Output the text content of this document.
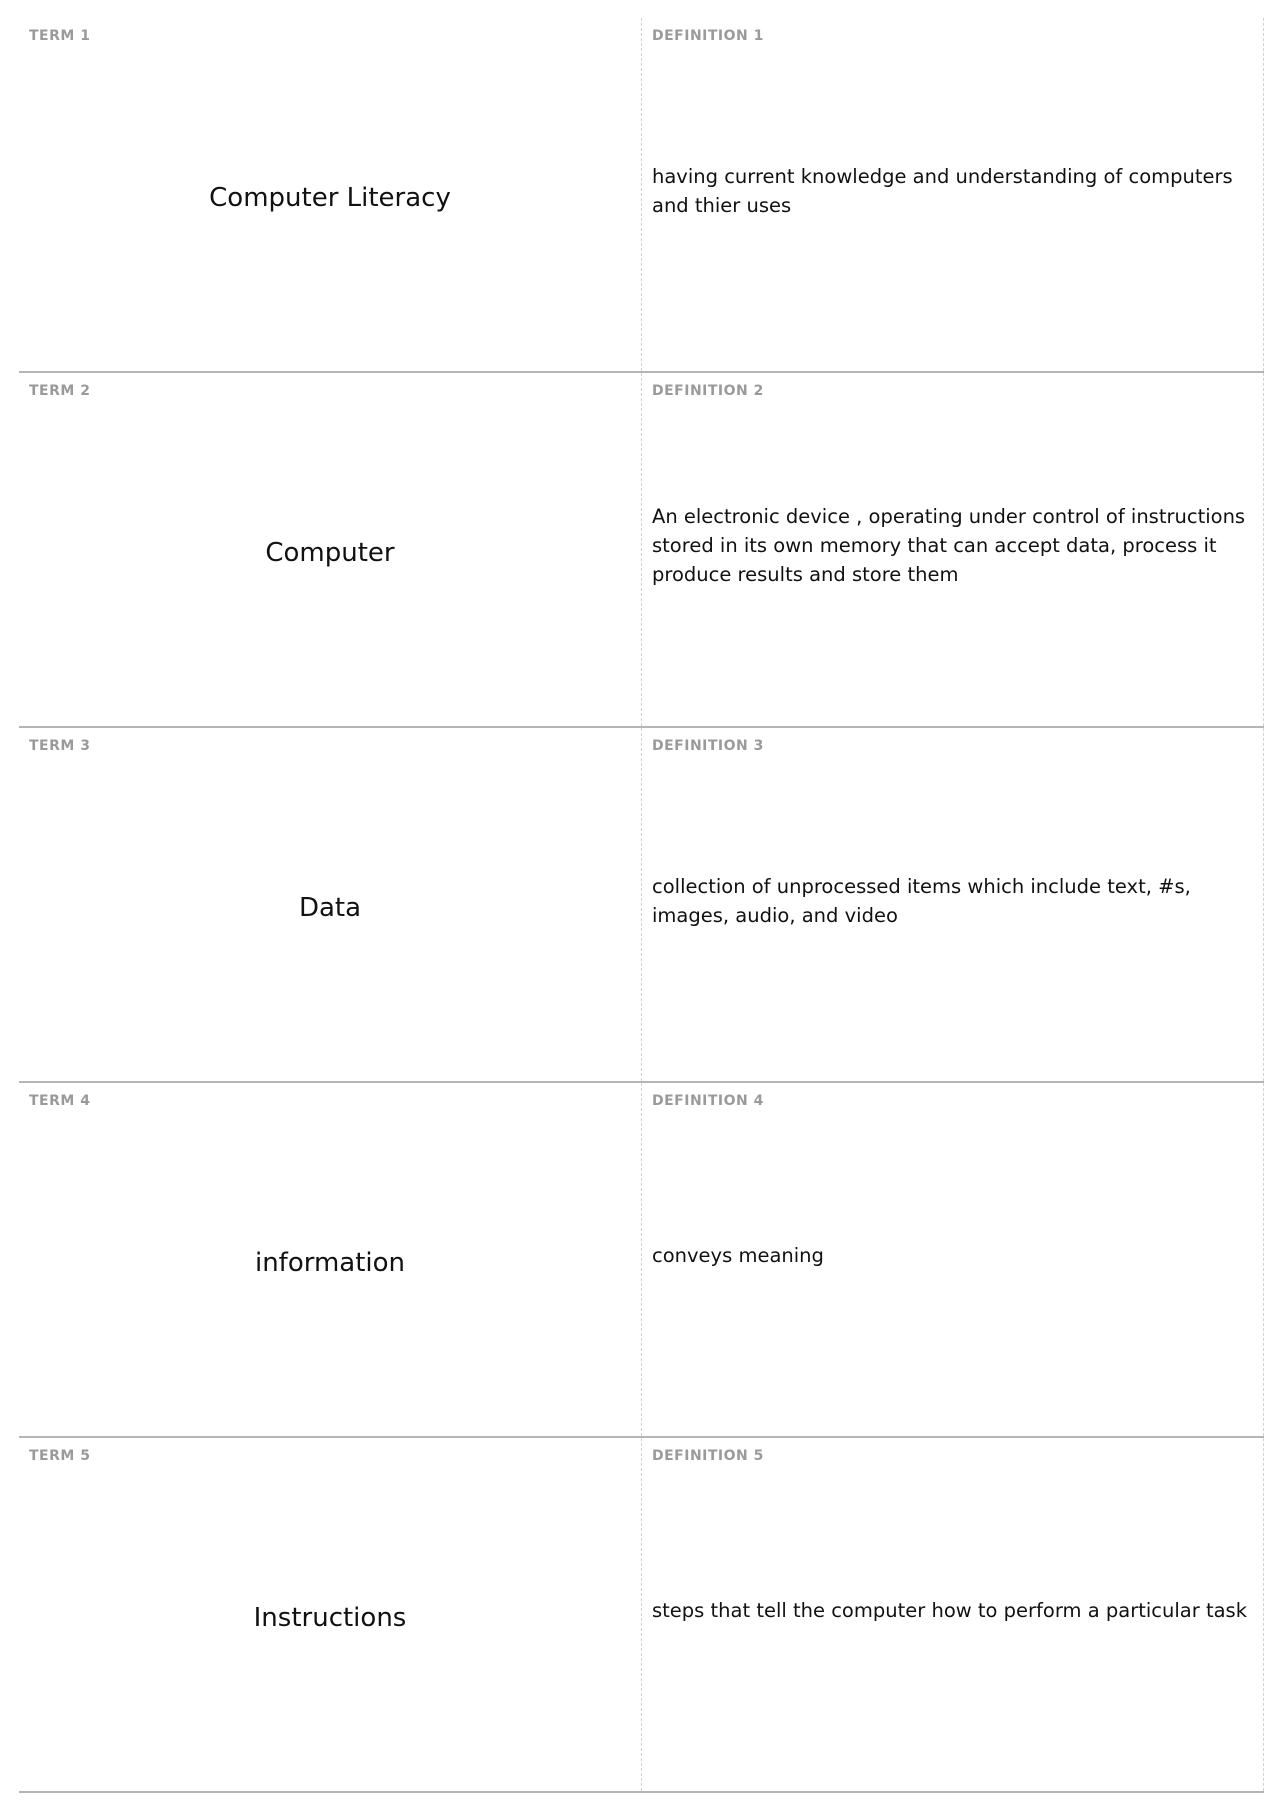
TERM 1
Computer Literacy
DEFINITION 1
having current knowledge and understanding of computers and thier uses
TERM 2
Computer
DEFINITION 2
An electronic device , operating under control of instructions stored in its own memory that can accept data, process it produce results and store them
TERM 3
Data
DEFINITION 3
collection of unprocessed items which include text, #s, images, audio, and video
TERM 4
information
DEFINITION 4
conveys meaning
TERM 5
Instructions
DEFINITION 5
steps that tell the computer how to perform a particular task
